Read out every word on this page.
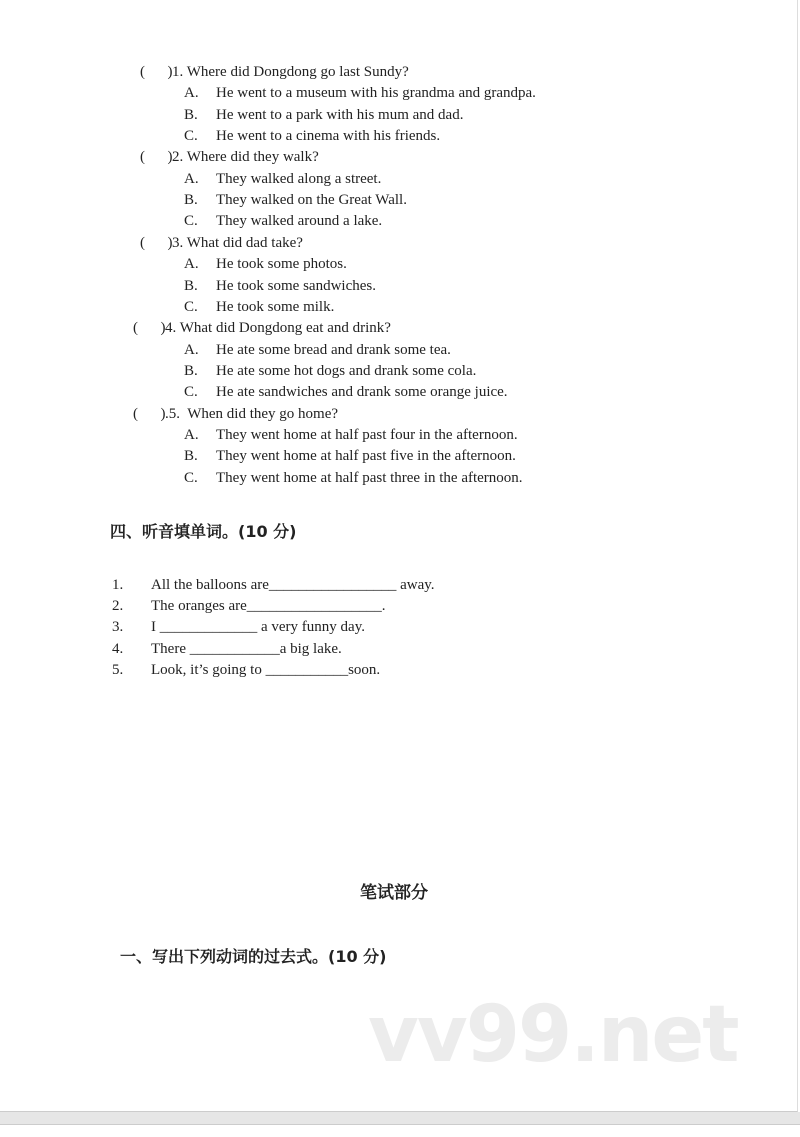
(      ) 1. Where did Dongdong go last Sundy?
A. He went to a museum with his grandma and grandpa.
B. He went to a park with his mum and dad.
C. He went to a cinema with his friends.
(      ) 2. Where did they walk?
A. They walked along a street.
B. They walked on the Great Wall.
C. They walked around a lake.
(      ) 3. What did dad take?
A. He took some photos.
B. He took some sandwiches.
C. He took some milk.
(      ) 4. What did Dongdong eat and drink?
A. He ate some bread and drank some tea.
B. He ate some hot dogs and drank some cola.
C. He ate sandwiches and drank some orange juice.
(      ) .5.  When did they go home?
A. They went home at half past four in the afternoon.
B. They went home at half past five in the afternoon.
C. They went home at half past three in the afternoon.
四、听音填单词。(10 分)
1. All the balloons are_________________ away.
2. The oranges are__________________.
3. I _____________ a very funny day.
4. There ____________a big lake.
5. Look, it’s going to ___________soon.
笔试部分
一、写出下列动词的过去式。(10 分)
vv99.net
